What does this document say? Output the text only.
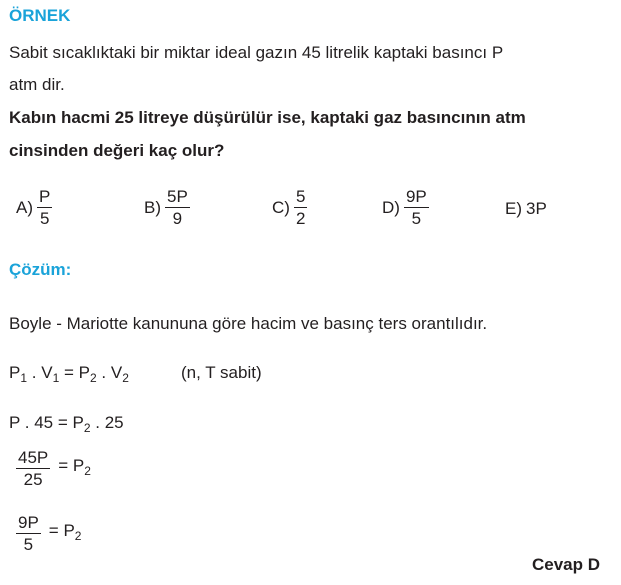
ÖRNEK
Sabit sıcaklıktaki bir miktar ideal gazın 45 litrelik kaptaki basıncı P
atm dir.
Kabın hacmi 25 litreye düşürülür ise, kaptaki gaz basıncının atm
cinsinden değeri kaç olur?
$A) \frac{P}{5}$	$B) \frac{5P}{9}$	$C) \frac{5}{2}$	$D) \frac{9P}{5}$	E) 3P
Çözüm:
Boyle - Mariotte kanununa göre hacim ve basınç ters orantılıdır.
$P_1$ . $V_1 = P_2$ . $V_2$	(n, T sabit)
P . $45 = P_2$ . 25
$\frac{45P}{25} = P_2$
$\frac{9P}{5} = P_2$
Cevap D
